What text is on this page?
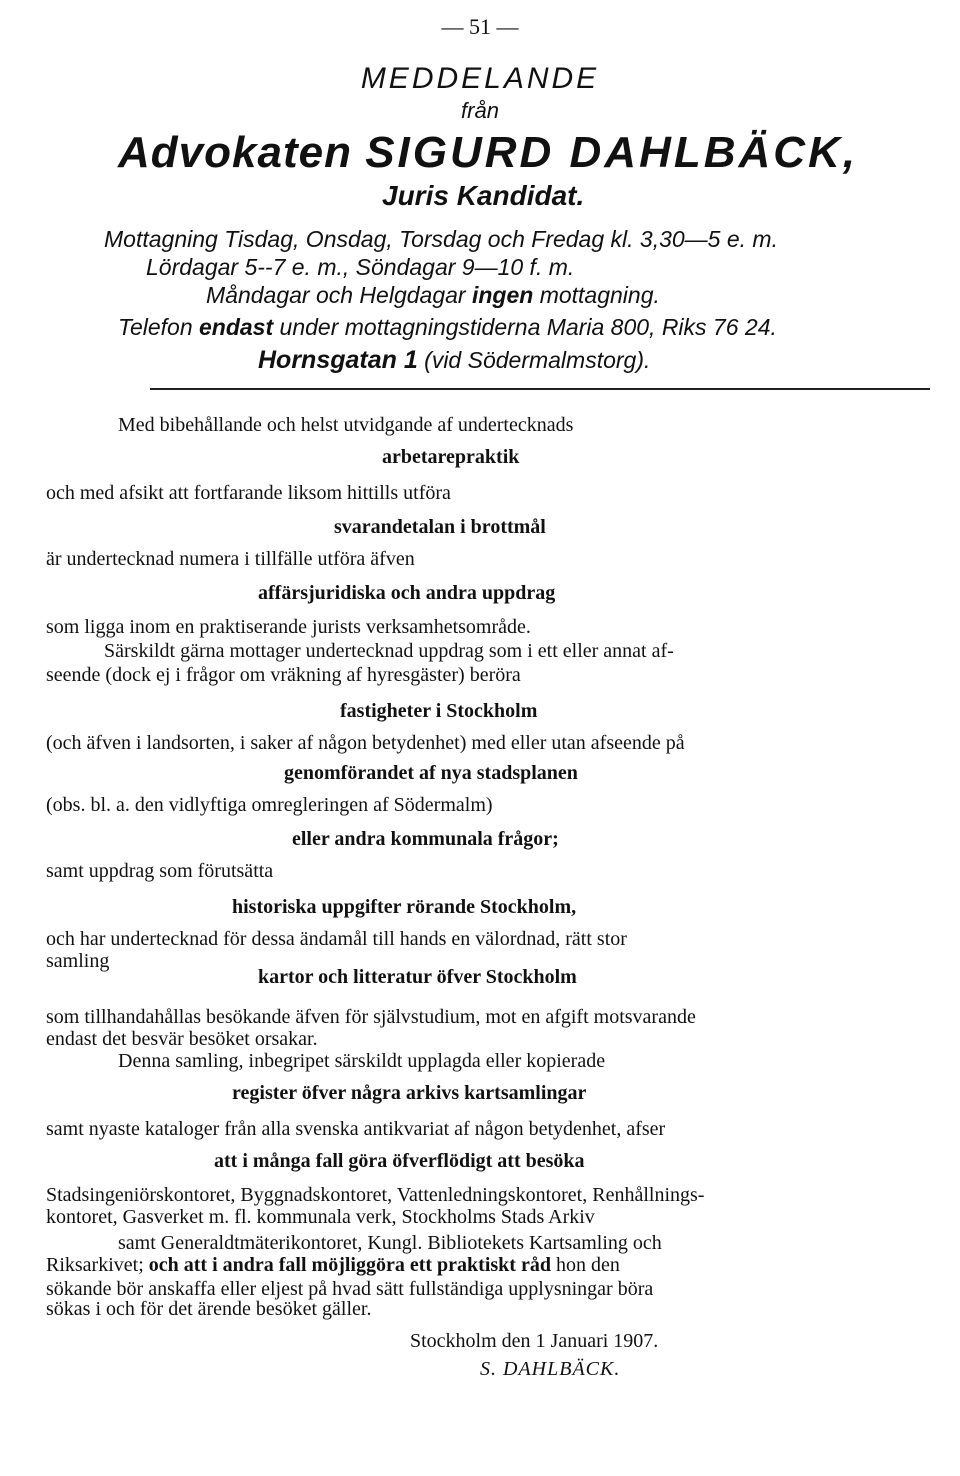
— 51 —
MEDDELANDE
från
Advokaten SIGURD DAHLBÄCK,
Juris Kandidat.
Mottagning Tisdag, Onsdag, Torsdag och Fredag kl. 3,30—5 e. m.
Lördagar 5--7 e. m., Söndagar 9—10 f. m.
Måndagar och Helgdagar ingen mottagning.
Telefon endast under mottagningstiderna Maria 800, Riks 76 24.
Hornsgatan 1 (vid Södermalmstorg).
Med bibehållande och helst utvidgande af undertecknads
arbetarepraktik
och med afsikt att fortfarande liksom hittills utföra
svarandetalan i brottmål
är undertecknad numera i tillfälle utföra äfven
affärsjuridiska och andra uppdrag
som ligga inom en praktiserande jurists verksamhetsområde.
Särskildt gärna mottager undertecknad uppdrag som i ett eller annat af-
seende (dock ej i frågor om vräkning af hyresgäster) beröra
fastigheter i Stockholm
(och äfven i landsorten, i saker af någon betydenhet) med eller utan afseende på
genomförandet af nya stadsplanen
(obs. bl. a. den vidlyftiga omregleringen af Södermalm)
eller andra kommunala frågor;
samt uppdrag som förutsätta
historiska uppgifter rörande Stockholm,
och har undertecknad för dessa ändamål till hands en välordnad, rätt stor
samling
kartor och litteratur öfver Stockholm
som tillhandahållas besökande äfven för självstudium, mot en afgift motsvarande
endast det besvär besöket orsakar.
Denna samling, inbegripet särskildt upplagda eller kopierade
register öfver några arkivs kartsamlingar
samt nyaste kataloger från alla svenska antikvariat af någon betydenhet, afser
att i många fall göra öfverflödigt att besöka
Stadsingeniörskontoret, Byggnadskontoret, Vattenledningskontoret, Renhållnings-
kontoret, Gasverket m. fl. kommunala verk, Stockholms Stads Arkiv
samt Generaldtmäterikontoret, Kungl. Bibliotekets Kartsamling och
Riksarkivet; och att i andra fall möjliggöra ett praktiskt råd hon den
sökande bör anskaffa eller eljest på hvad sätt fullständiga upplysningar böra
sökas i och för det ärende besöket gäller.
Stockholm den 1 Januari 1907.
S. DAHLBÄCK.
